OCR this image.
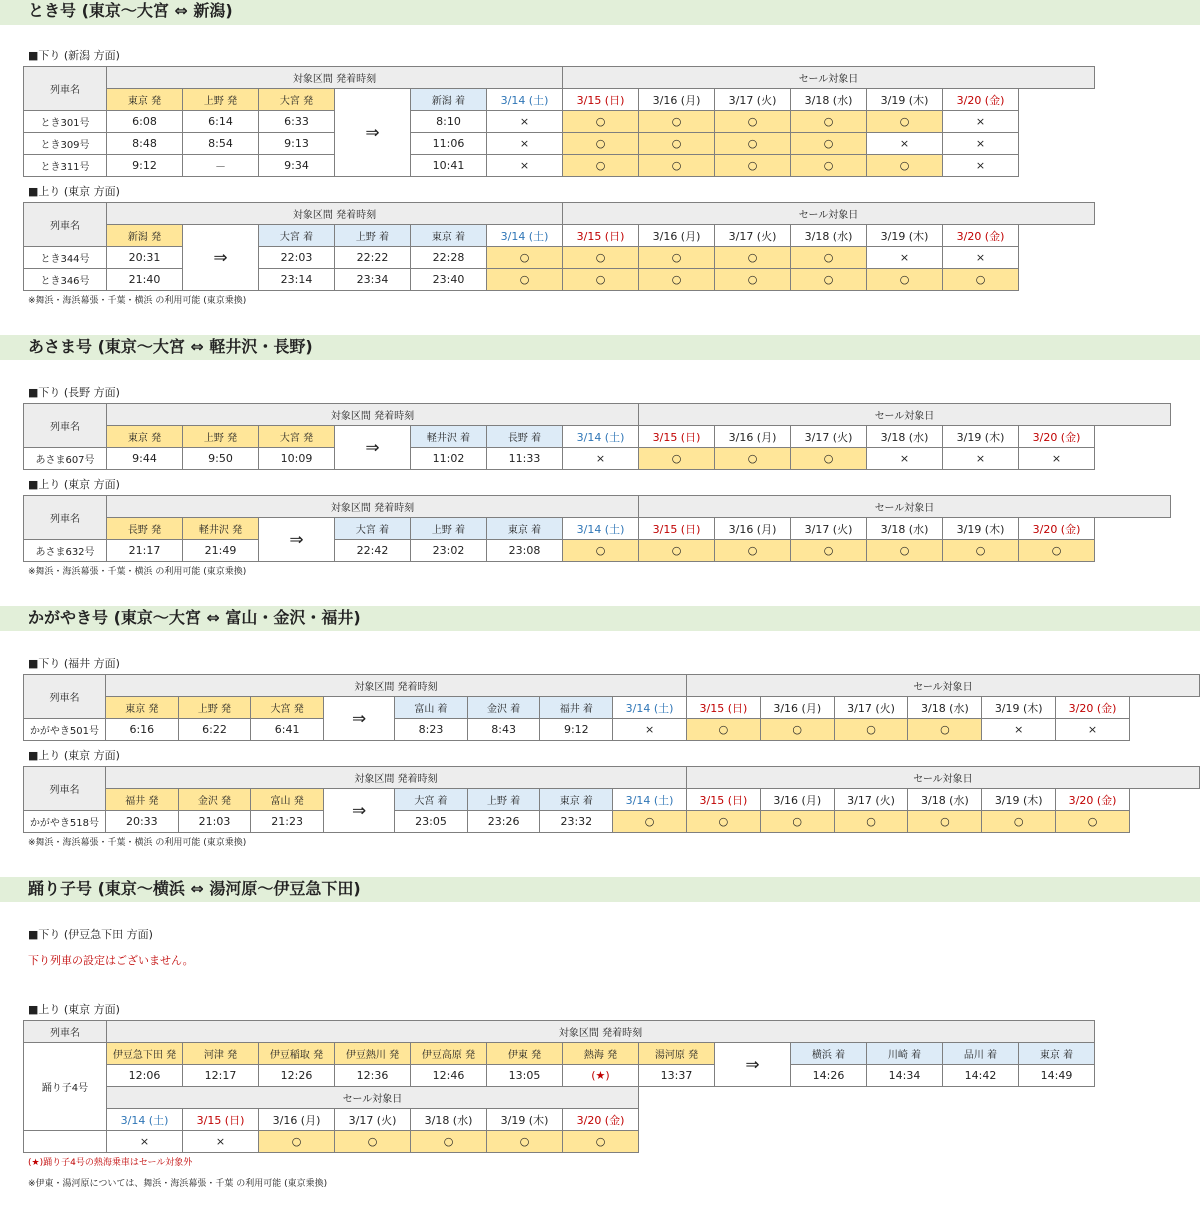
とき号 (東京～大宮 ⇔ 新潟)
■下り (新潟 方面)
列車名	対象区間 発着時刻						セール対象日					
	東京 発	上野 発	大宮 発	⇒	新潟 着	3/14 (土)	3/15 (日)	3/16 (月)	3/17 (火)	3/18 (水)	3/19 (木)	3/20 (金)
とき301号	6:08	6:14	6:33		8:10	×	○	○	○	○	○	×
とき309号	8:48	8:54	9:13		11:06	×	○	○	○	○	×	×
とき311号	9:12	－	9:34		10:41	×	○	○	○	○	○	×
■上り (東京 方面)
列車名	対象区間 発着時刻						セール対象日					
	新潟 発	⇒	大宮 着	上野 着	東京 着	3/14 (土)	3/15 (日)	3/16 (月)	3/17 (火)	3/18 (水)	3/19 (木)	3/20 (金)
とき344号	20:31		22:03	22:22	22:28	○	○	○	○	○	×	×
とき346号	21:40		23:14	23:34	23:40	○	○	○	○	○	○	○
※舞浜・海浜幕張・千葉・横浜 の利用可能 (東京乗換)
あさま号 (東京～大宮 ⇔ 軽井沢・長野)
■下り (長野 方面)
列車名	対象区間 発着時刻							セール対象日					
	東京 発	上野 発	大宮 発	⇒	軽井沢 着	長野 着	3/14 (土)	3/15 (日)	3/16 (月)	3/17 (火)	3/18 (水)	3/19 (木)	3/20 (金)
あさま607号	9:44	9:50	10:09		11:02	11:33	×	○	○	○	×	×	×
■上り (東京 方面)
列車名	対象区間 発着時刻							セール対象日					
	長野 発	軽井沢 発	⇒	大宮 着	上野 着	東京 着	3/14 (土)	3/15 (日)	3/16 (月)	3/17 (火)	3/18 (水)	3/19 (木)	3/20 (金)
あさま632号	21:17	21:49		22:42	23:02	23:08	○	○	○	○	○	○	○
※舞浜・海浜幕張・千葉・横浜 の利用可能 (東京乗換)
かがやき号 (東京～大宮 ⇔ 富山・金沢・福井)
■下り (福井 方面)
列車名	対象区間 発着時刻								セール対象日					
	東京 発	上野 発	大宮 発	⇒	富山 着	金沢 着	福井 着	3/14 (土)	3/15 (日)	3/16 (月)	3/17 (火)	3/18 (水)	3/19 (木)	3/20 (金)
かがやき501号	6:16	6:22	6:41		8:23	8:43	9:12	×	○	○	○	○	×	×
■上り (東京 方面)
列車名	対象区間 発着時刻								セール対象日					
	福井 発	金沢 発	富山 発	⇒	大宮 着	上野 着	東京 着	3/14 (土)	3/15 (日)	3/16 (月)	3/17 (火)	3/18 (水)	3/19 (木)	3/20 (金)
かがやき518号	20:33	21:03	21:23		23:05	23:26	23:32	○	○	○	○	○	○	○
※舞浜・海浜幕張・千葉・横浜 の利用可能 (東京乗換)
踊り子号 (東京～横浜 ⇔ 湯河原～伊豆急下田)
■下り (伊豆急下田 方面)
下り列車の設定はございません。
■上り (東京 方面)
列車名	対象区間 発着時刻												
踊り子4号	伊豆急下田 発	河津 発	伊豆稲取 発	伊豆熱川 発	伊豆高原 発	伊東 発	熱海 発	湯河原 発	⇒	横浜 着	川崎 着	品川 着	東京 着
	12:06	12:17	12:26	12:36	12:46	13:05	(★)	13:37		14:26	14:34	14:42	14:49
	セール対象日												
	3/14 (土)	3/15 (日)	3/16 (月)	3/17 (火)	3/18 (水)	3/19 (木)	3/20 (金)						
	×	×	○	○	○	○	○						
(★)踊り子4号の熱海乗車はセール対象外
※伊東・湯河原については、舞浜・海浜幕張・千葉 の利用可能 (東京乗換)
